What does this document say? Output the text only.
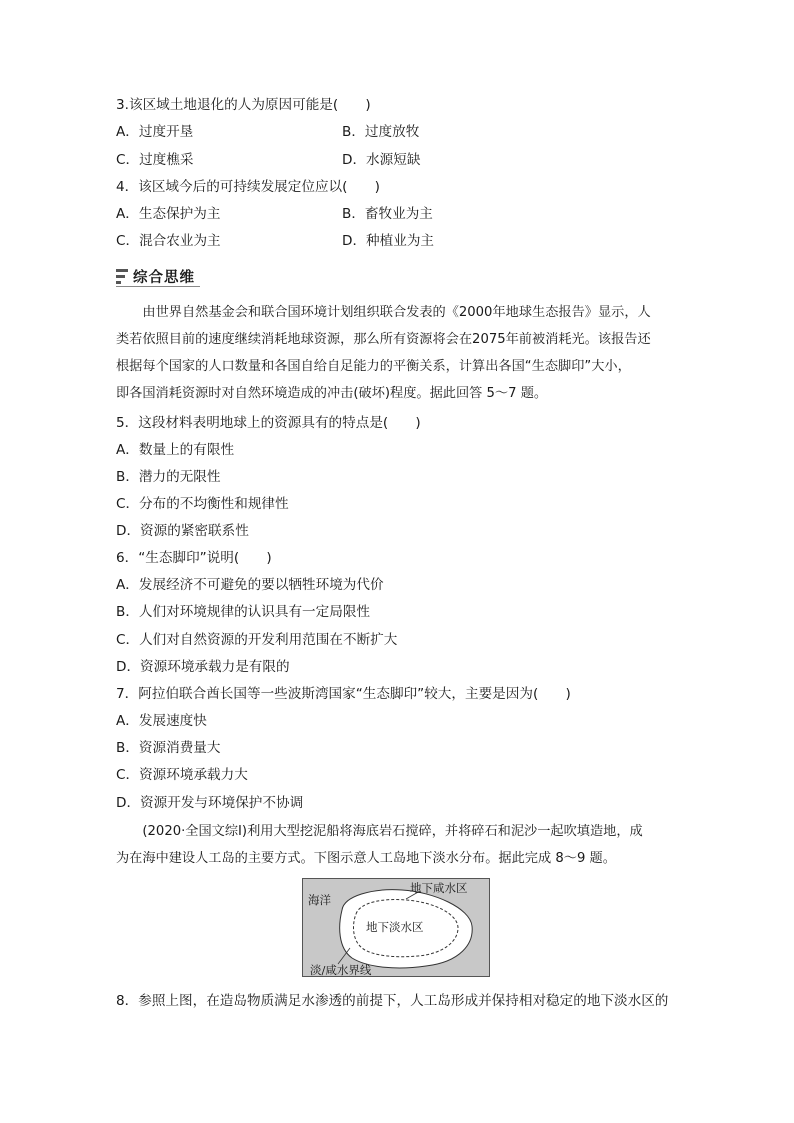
3.该区域土地退化的人为原因可能是(　　)
A．过度开垦	B．过度放牧
C．过度樵采	D．水源短缺
4．该区域今后的可持续发展定位应以(　　)
A．生态保护为主	B．畜牧业为主
C．混合农业为主	D．种植业为主
综合思维
由世界自然基金会和联合国环境计划组织联合发表的《2000年地球生态报告》显示，人
类若依照目前的速度继续消耗地球资源，那么所有资源将会在2075年前被消耗光。该报告还
根据每个国家的人口数量和各国自给自足能力的平衡关系，计算出各国“生态脚印”大小，
即各国消耗资源时对自然环境造成的冲击(破坏)程度。据此回答 5～7 题。
5．这段材料表明地球上的资源具有的特点是(　　)
A．数量上的有限性
B．潜力的无限性
C．分布的不均衡性和规律性
D．资源的紧密联系性
6．“生态脚印”说明(　　)
A．发展经济不可避免的要以牺牲环境为代价
B．人们对环境规律的认识具有一定局限性
C．人们对自然资源的开发利用范围在不断扩大
D．资源环境承载力是有限的
7．阿拉伯联合酋长国等一些波斯湾国家“生态脚印”较大，主要是因为(　　)
A．发展速度快
B．资源消费量大
C．资源环境承载力大
D．资源开发与环境保护不协调
(2020·全国文综Ⅰ)利用大型挖泥船将海底岩石搅碎，并将碎石和泥沙一起吹填造地，成
为在海中建设人工岛的主要方式。下图示意人工岛地下淡水分布。据此完成 8～9 题。
海洋
地下咸水区
地下淡水区
淡/咸水界线
8．参照上图，在造岛物质满足水渗透的前提下，人工岛形成并保持相对稳定的地下淡水区的
